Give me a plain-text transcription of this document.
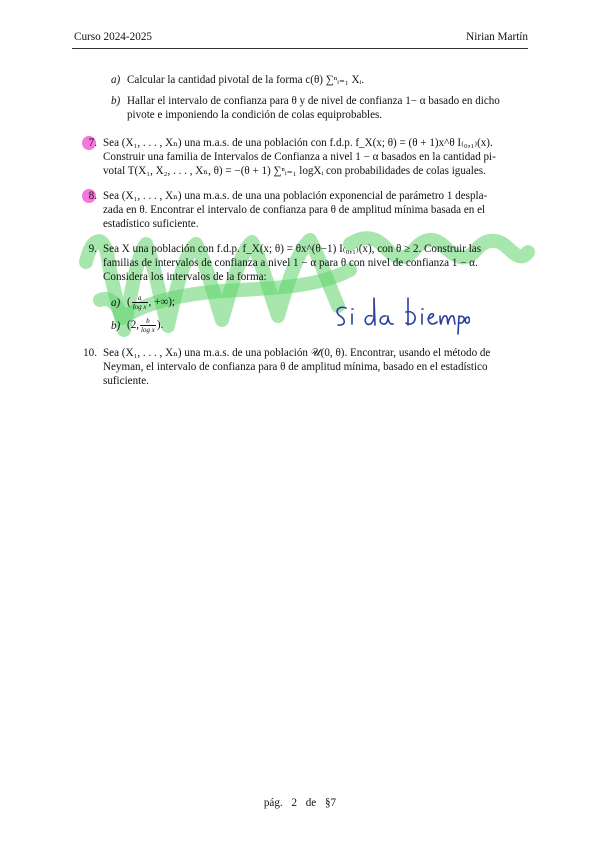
Curso 2024-2025	Nirian Martín
a) Calcular la cantidad pivotal de la forma c(θ) ∑ⁿᵢ₌₁ Xᵢ.
b) Hallar el intervalo de confianza para θ y de nivel de confianza 1− α basado en dicho
pivote e imponiendo la condición de colas equiprobables.
7. Sea (X₁, . . . , Xₙ) una m.a.s. de una población con f.d.p. f_X(x; θ) = (θ + 1)x^θ I₍₀,₁₎(x).
Construir una familia de Intervalos de Confianza a nivel 1 − α basados en la cantidad pi-
votal T(X₁, X₂, . . . , Xₙ, θ) = −(θ + 1) ∑ⁿᵢ₌₁ logXᵢ con probabilidades de colas iguales.
8. Sea (X₁, . . . , Xₙ) una m.a.s. de una una población exponencial de parámetro 1 despla-
zada en θ. Encontrar el intervalo de confianza para θ de amplitud mínima basada en el
estadístico suficiente.
9. Sea X una población con f.d.p. f_X(x; θ) = θx^(θ−1) I₍₀,₁₎(x), con θ ≥ 2. Construir las
familias de intervalos de confianza a nivel 1 − α para θ con nivel de confianza 1 − α.
Considera los intervalos de la forma:
a) ( $\frac{a}{\text{log x}}$ , +∞);
b) (2, $\frac{b}{\text{log x}}$ ).
10. Sea (X₁, . . . , Xₙ) una m.a.s. de una población 𝒰(0, θ). Encontrar, usando el método de
Neyman, el intervalo de confianza para θ de amplitud mínima, basado en el estadístico
suficiente.
pág. 2 de §7
